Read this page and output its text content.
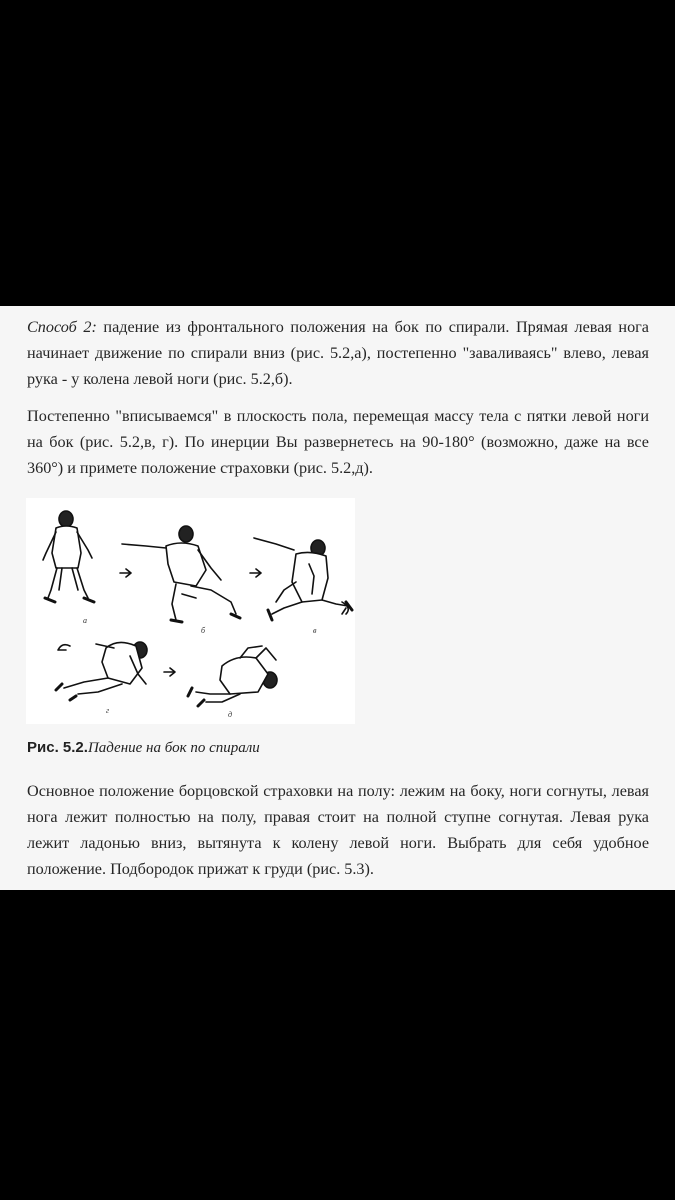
Способ 2: падение из фронтального положения на бок по спирали. Прямая левая нога начинает движение по спирали вниз (рис. 5.2,а), постепенно "заваливаясь" влево, левая рука - у колена левой ноги (рис. 5.2,б).

Постепенно "вписываемся" в плоскость пола, перемещая массу тела с пятки левой ноги на бок (рис. 5.2,в, г). По инерции Вы развернетесь на 90-180° (возможно, даже на все 360°) и примете положение страховки (рис. 5.2,д).

а
б	в
г	д
Рис. 5.2.Падение на бок по спирали

Основное положение борцовской страховки на полу: лежим на боку, ноги согнуты, левая нога лежит полностью на полу, правая стоит на полной ступне согнутая. Левая рука лежит ладонью вниз, вытянута к колену левой ноги. Выбрать для себя удобное положение. Подбородок прижат к груди (рис. 5.3).
